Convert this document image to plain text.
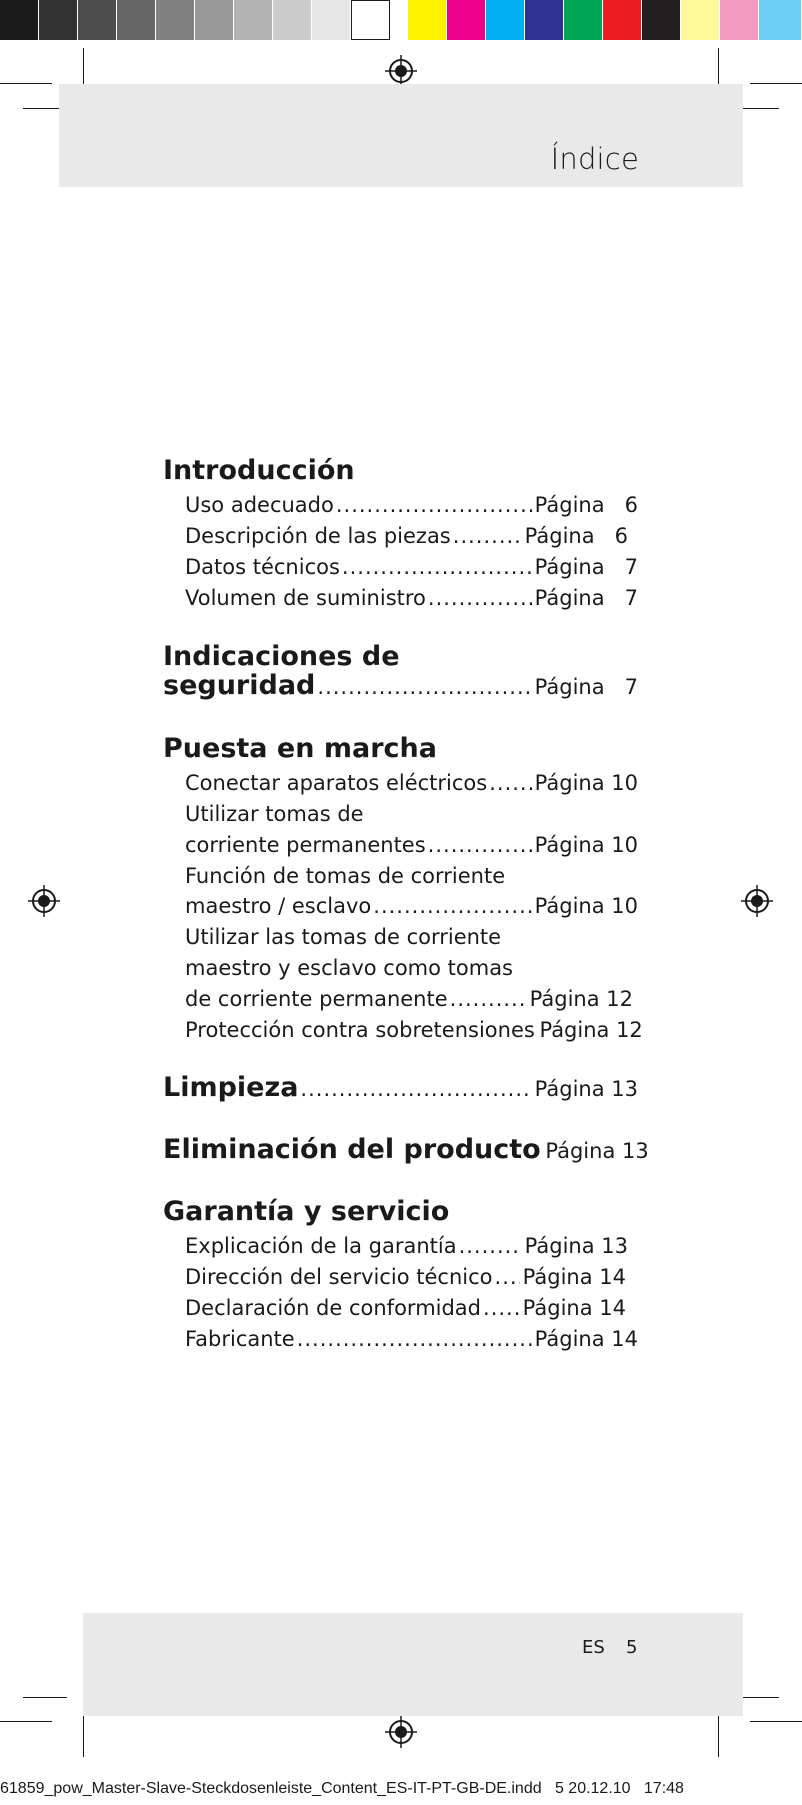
Índice
Introducción
Uso adecuado .....	Página   6
Descripción de las piezas .....	Página   6
Datos técnicos .....	Página   7
Volumen de suministro .....	Página   7
Indicaciones de
seguridad .....	Página   7
Puesta en marcha
Conectar aparatos eléctricos ..... Página 10
Utilizar tomas de
corriente permanentes .....	Página 10
Función de tomas de corriente
maestro / esclavo .....	Página 10
Utilizar las tomas de corriente
maestro y esclavo como tomas
de corriente permanente .....	Página 12
Protección contra sobretensiones Página 12
Limpieza .....	Página 13
Eliminación del producto Página 13
Garantía y servicio
Explicación de la garantía .....	Página 13
Dirección del servicio técnico ..... Página 14
Declaración de conformidad ..... Página 14
Fabricante .....	Página 14
ES 5
61859_pow_Master-Slave-Steckdosenleiste_Content_ES-IT-PT-GB-DE.indd   5 20.12.10   17:48
